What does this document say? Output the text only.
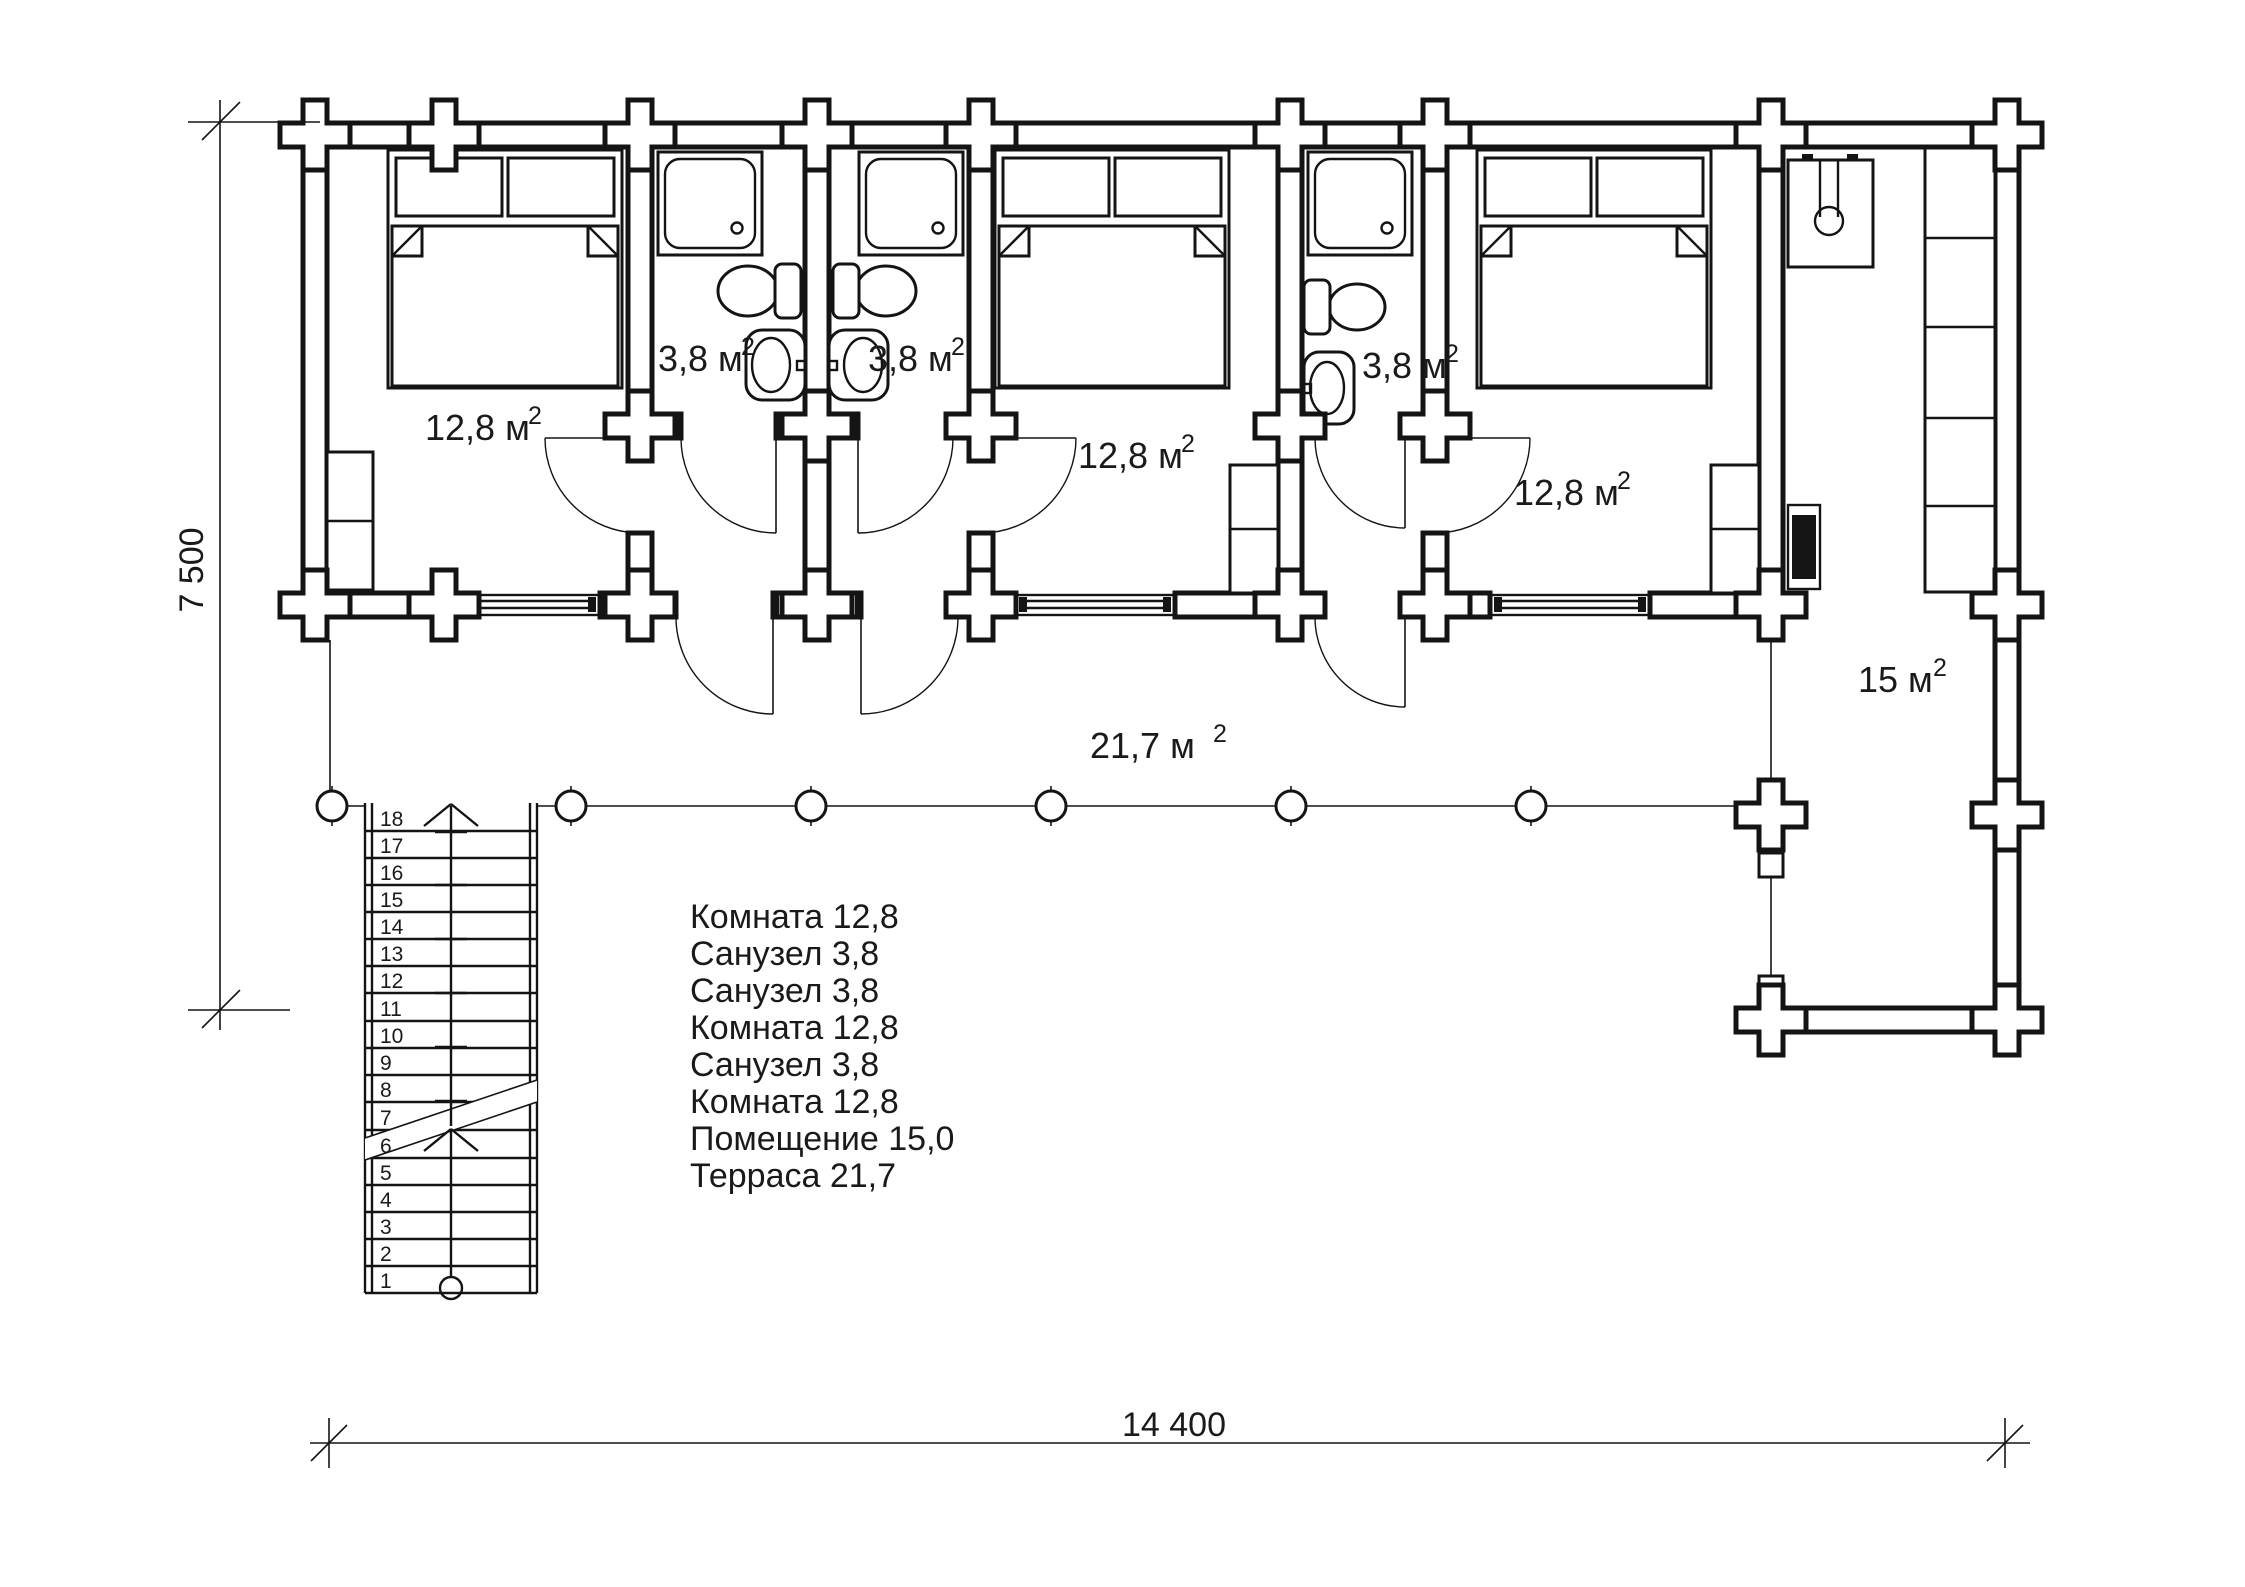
18
17
16
15
14
13
12
11
10
9
8
7
6
5
4
3
2
1
7 500
14 400
12,8 м
2
12,8 м
2
12,8 м
2
3,8 м
2	3,8 м
2	3,8 м
2
21,7 м 2
15 м 2
Комната 12,8
Санузел 3,8
Санузел 3,8
Комната 12,8
Санузел 3,8
Комната 12,8
Помещение 15,0
Терраса 21,7
